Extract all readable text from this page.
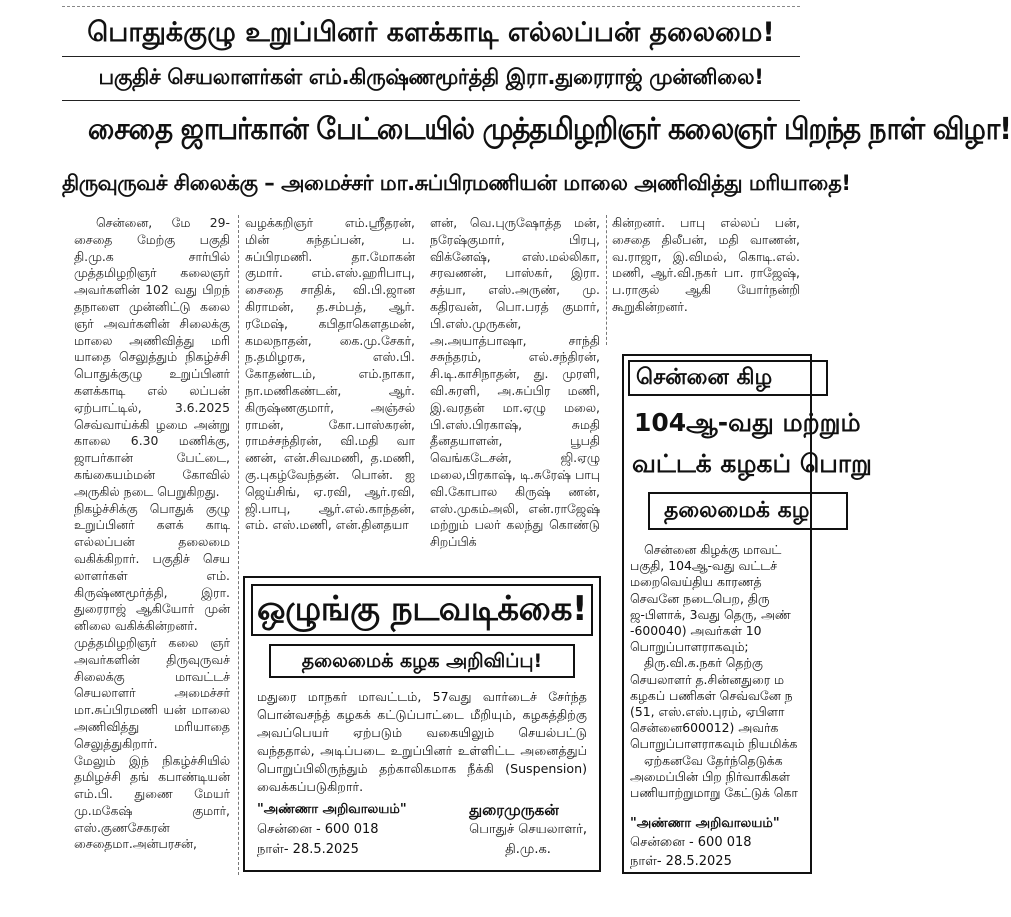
பொதுக்குழு உறுப்பினர் களக்காடி எல்லப்பன் தலைமை!
பகுதிச் செயலாளர்கள் எம்.கிருஷ்ணமூர்த்தி இரா.துரைராஜ் முன்னிலை!
சைதை ஜாபர்கான் பேட்டையில் முத்தமிழறிஞர் கலைஞர் பிறந்த நாள் விழா!
திருவுருவச் சிலைக்கு – அமைச்சர் மா.சுப்பிரமணியன் மாலை அணிவித்து மரியாதை!

சென்னை, மே 29- சைதை மேற்கு பகுதி தி.மு.க சார்பில் முத்தமிழறிஞர் கலைஞர் அவர்களின் 102 வது பிறந் தநாளை முன்னிட்டு கலை ஞர் அவர்களின் சிலைக்கு மாலை அணிவித்து மரி யாதை செலுத்தும் நிகழ்ச்சி பொதுக்குழு உறுப்பினர் களக்காடி எல் லப்பன் ஏற்பாட்டில், 3.6.2025 செவ்வாய்க்கி ழமை அன்று காலை 6.30 மணிக்கு, ஜாபர்கான் பேட்டை, கங்கையம்மன் கோவில் அருகில் நடை பெறுகிறது.

நிகழ்ச்சிக்கு பொதுக் குழு உறுப்பினர் களக் காடி எல்லப்பன் தலைமை வகிக்கிறார். பகுதிச் செய லாளர்கள் எம். கிருஷ்ணமூர்த்தி, இரா. துரைராஜ் ஆகியோர் முன் னிலை வகிக்கின்றனர்.

முத்தமிழறிஞர் கலை ஞர் அவர்களின் திருவுருவச் சிலைக்கு மாவட்டச் செயலாளர் அமைச்சர் மா.சுப்பிரமணி யன் மாலை அணிவித்து மரியாதை செலுத்துகிறார்.

மேலும் இந் நிகழ்ச்சியில் தமிழச்சி தங் கபாண்டியன் எம்.பி. துணை மேயர் மு.மகேஷ் குமார், எஸ்.குணசேகரன் சைதைமா.அன்பரசன்,

வழக்கறிஞர் எம்.ஸ்ரீதரன், மின் சுந்தப்பன், ப. சுப்பிரமணி. தா.மோகன் குமார். எம்.எஸ்.ஹரிபாபு, சைதை சாதிக், வி.பி.ஜான கிராமன், த.சம்பத், ஆர். ரமேஷ், கபிதாகௌதமன், கமலநாதன், கை.மு.சேகர், ந.தமிழரசு, எஸ்.பி. கோதண்டம், எம்.நாகா, நா.மணிகண்டன், ஆர். கிருஷ்ணகுமார், அஞ்சல் ராமன், கோ.பாஸ்கரன், ராமச்சந்திரன், வி.மதி வா ணன், என்.சிவமணி, த.மணி, கு.புகழ்வேந்தன். பொன். ஐ ஜெய்சிங், ஏ.ரவி, ஆர்.ரவி, ஜி.பாபு, ஆர்.எல்.காந்தன், எம். எஸ்.மணி, என்.தினதயா

ளன், வெ.புருஷோத்த மன், நரேஷ்குமார், பிரபு, விக்னேஷ், எஸ்.மல்லிகா, சரவணன், பாஸ்கர், இரா. சத்யா, எஸ்.அருண், மு. கதிரவன், பொ.பரத் குமார், பி.எஸ்.முருகன், அ.அயாத்பாஷா, சாந்தி சசுந்தரம், எல்.சந்திரன், சி.டி.காசிநாதன், து. முரளி, வி.சுரளி, அ.சுப்பிர மணி, இ.வரதன் மா.ஏழு மலை, பி.எஸ்.பிரகாஷ், சுமதி தீனதயாளன், பூபதி வெங்கடேசன், ஜி.ஏழு மலை,பிரகாஷ், டி.சுரேஷ் பாபு வி.கோபால கிருஷ் ணன், எஸ்.முகம்அலி, என்.ராஜேஷ் மற்றும் பலர் கலந்து கொண்டு சிறப்பிக்

கின்றனர். பாபு எல்லப் பன், சைதை திலீபன், மதி வாணன், வ.ராஜா, இ.விமல், கொடி.எல். மணி, ஆர்.வி.நகர் பா. ராஜேஷ், ப.ராகுல் ஆகி யோர்நன்றி கூறுகின்றனர்.

ஒழுங்கு நடவடிக்கை!
தலைமைக் கழக அறிவிப்பு!

மதுரை மாநகர் மாவட்டம், 57வது வார்டைச் சேர்ந்த பொன்வசந்த் கழகக் கட்டுப்பாட்டை மீறியும், கழகத்திற்கு அவப்பெயர் ஏற்படும் வகையிலும் செயல்பட்டு வந்ததால், அடிப்படை உறுப்பினர் உள்ளிட்ட அனைத்துப் பொறுப்பிலிருந்தும் தற்காலிகமாக நீக்கி (Suspension) வைக்கப்படுகிறார்.

"அண்ணா அறிவாலயம்"
சென்னை - 600 018
நாள்- 28.5.2025
துரைமுருகன்
பொதுச் செயலாளர்,
தி.மு.க.
சென்னை கிழ
104ஆ-வது மற்றும்
வட்டக் கழகப் பொறு
தலைமைக் கழ

சென்னை கிழக்கு மாவட்

பகுதி, 104ஆ-வது வட்டச்
மறைவெய்திய காரணத்
செவனே நடைபெற, திரு
ஜ-பிளாக், 3வது தெரு, அண்
-600040) அவர்கள் 10
பொறுப்பாளராகவும்;

திரு.வி.க.நகர் தெற்கு

செயலாளர் த.சின்னதுரை ம
கழகப் பணிகள் செவ்வனே ந
(51, எஸ்.எஸ்.புரம், ஏபிளா
சென்னை600012) அவர்க
பொறுப்பாளராகவும் நியமிக்க

ஏற்கனவே தேர்ந்தெடுக்க

அமைப்பின் பிற நிர்வாகிகள்
பணியாற்றுமாறு கேட்டுக் கொ
"அண்ணா அறிவாலயம்"
சென்னை - 600 018
நாள்- 28.5.2025
